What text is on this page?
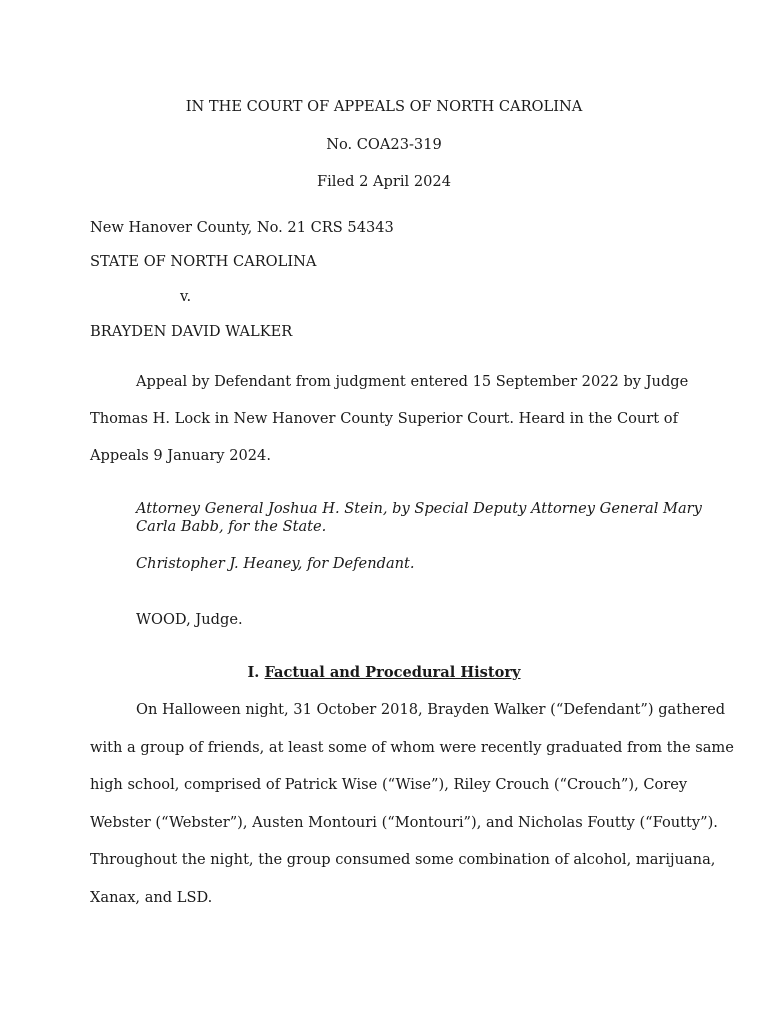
IN THE COURT OF APPEALS OF NORTH CAROLINA
No. COA23-319
Filed 2 April 2024
New Hanover County, No. 21 CRS 54343
STATE OF NORTH CAROLINA
v.
BRAYDEN DAVID WALKER
Appeal by Defendant from judgment entered 15 September 2022 by Judge
Thomas H. Lock in New Hanover County Superior Court. Heard in the Court of
Appeals 9 January 2024.
Attorney General Joshua H. Stein, by Special Deputy Attorney General Mary
Carla Babb, for the State.
Christopher J. Heaney, for Defendant.
WOOD, Judge.
I. Factual and Procedural History
On Halloween night, 31 October 2018, Brayden Walker (“Defendant”) gathered
with a group of friends, at least some of whom were recently graduated from the same
high school, comprised of Patrick Wise (“Wise”), Riley Crouch (“Crouch”), Corey
Webster (“Webster”), Austen Montouri (“Montouri”), and Nicholas Foutty (“Foutty”).
Throughout the night, the group consumed some combination of alcohol, marijuana,
Xanax, and LSD.
